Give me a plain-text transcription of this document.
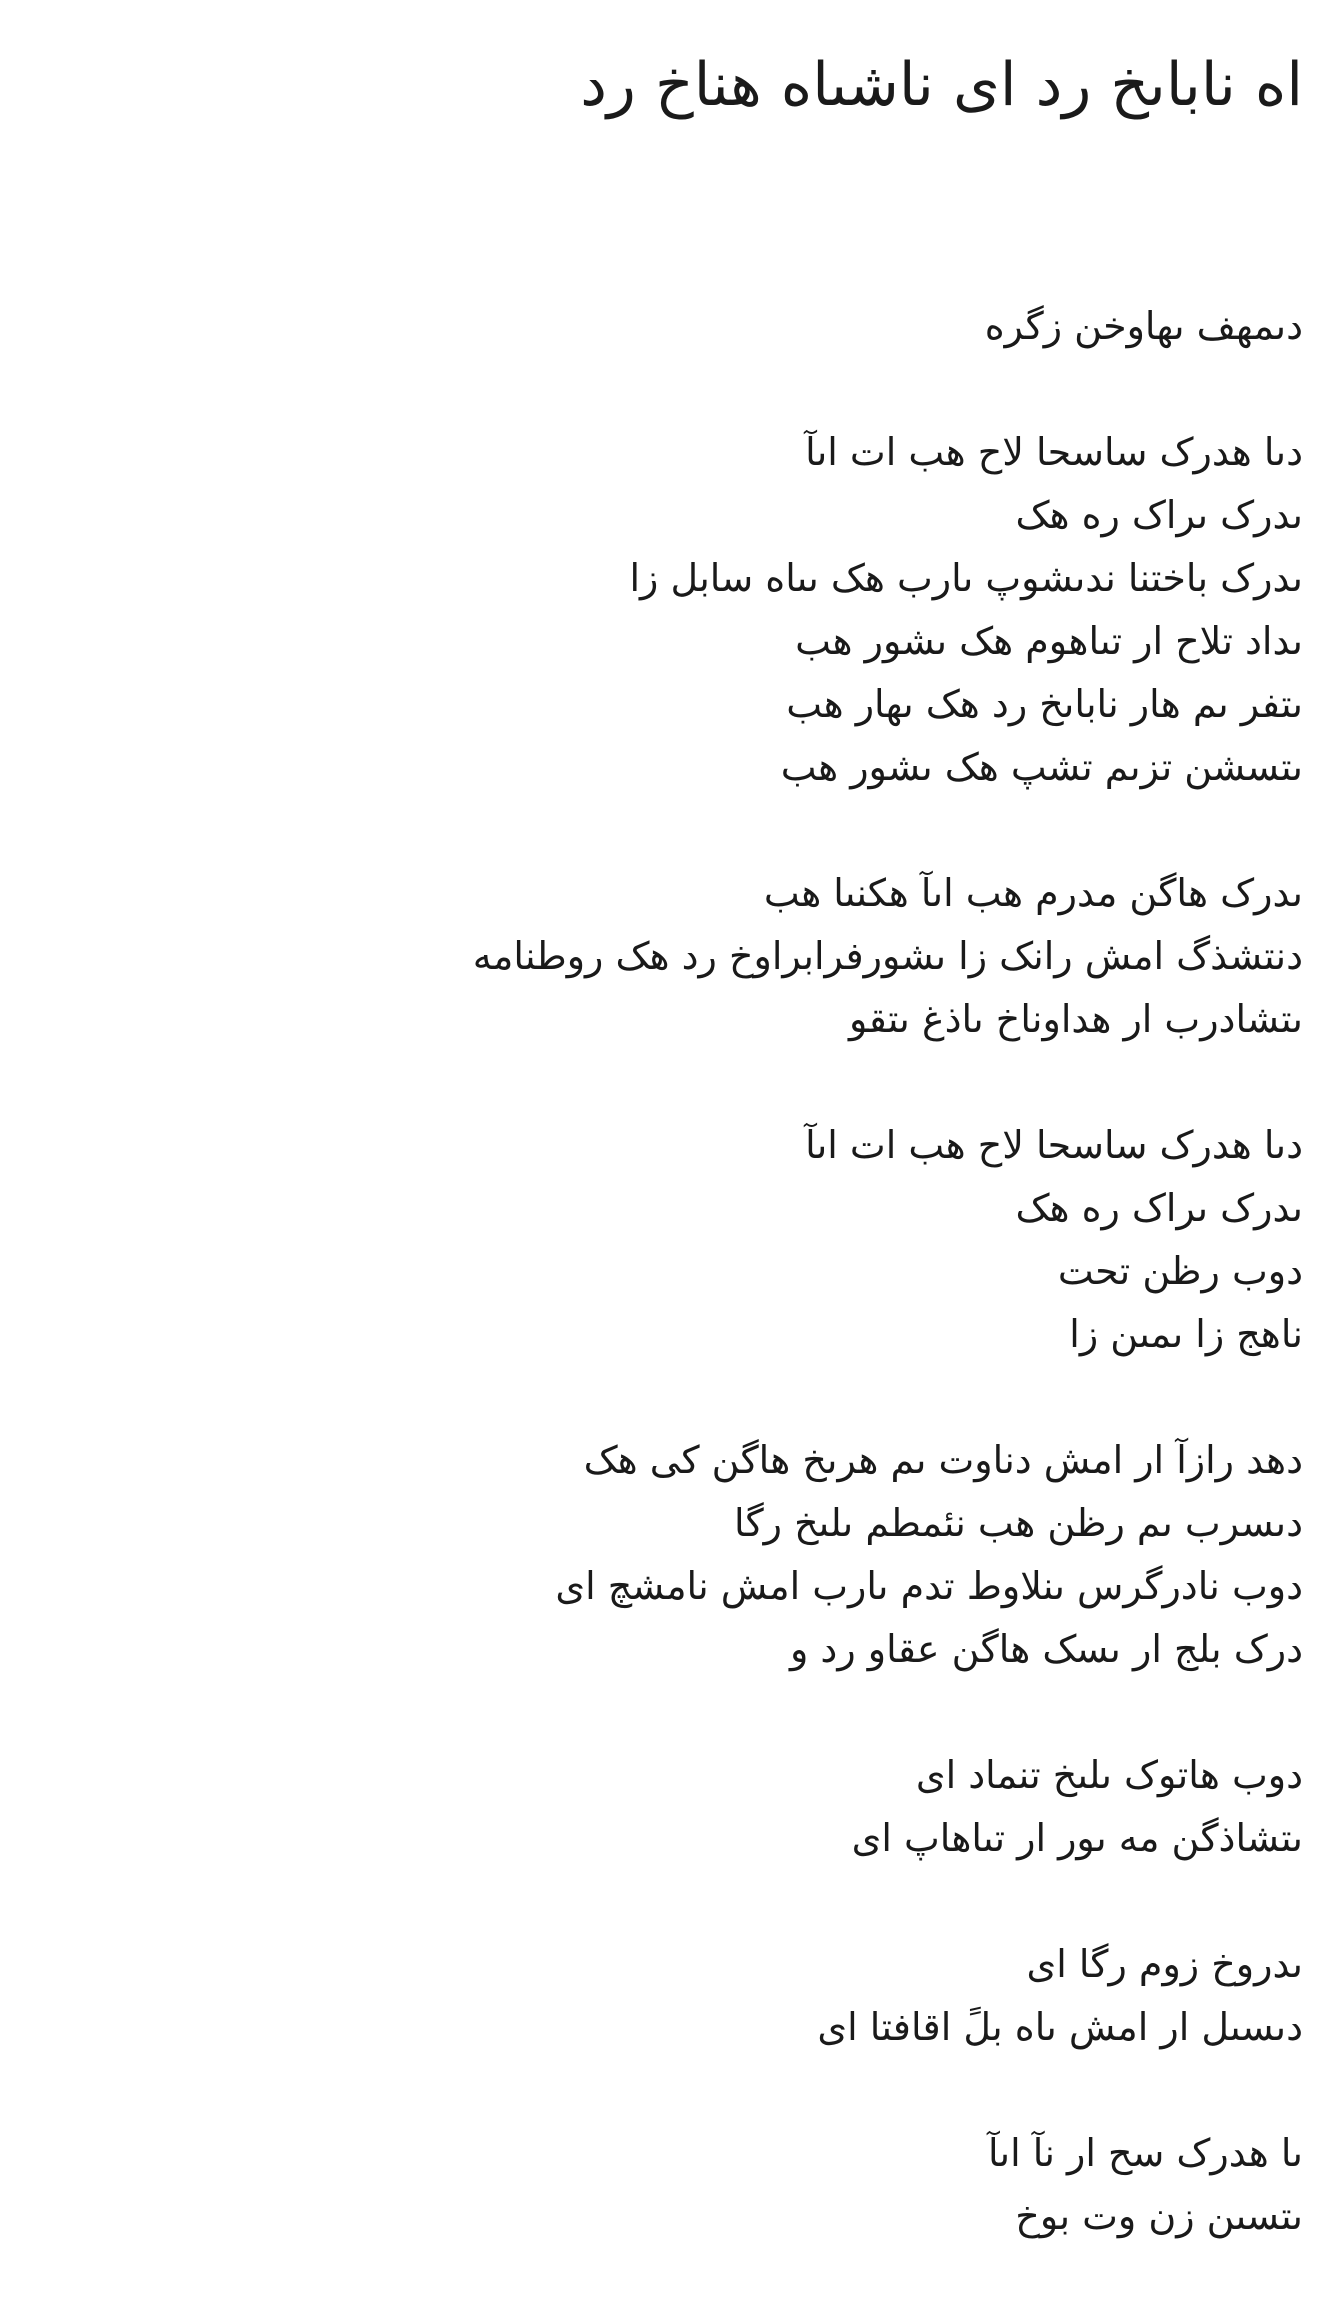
اه ناباىخ رد اى ناشىاه هناخ رد
دىمهف ىهاوخن زگره
دىا هدرک ساسحا لاح هب ات اىآ
ىدرک ىراک ره هک
ىدرک باختنا ندىشوپ ىارب هک ىىاه سابل زا
ىداد تلاح ار تىاهوم هک ىشور هب
ىتفر ىم هار ناباىخ رد هک ىهار هب
ىتسشن تزىم تشپ هک ىشور هب
ىدرک هاگن مدرم هب اىآ هکنىا هب
دنتشذگ امش رانک زا ىشورفرابراوخ رد هک روطنامه
ىتشادرب ار هداوناخ ىاذغ ىتقو
دىا هدرک ساسحا لاح هب ات اىآ
ىدرک ىراک ره هک
دوب رظن تحت
ناهج زا ىمىن زا
دهد رازآ ار امش دناوت ىم هرىخ هاگن کى هک
دىسرب ىم رظن هب نئمطم ىلىخ رگا
دوب نادرگرس ىنلاوط تدم ىارب امش نامشچ اى
درک بلج ار ىسک هاگن عقاو رد و
دوب هاتوک ىلىخ تنماد اى
ىتشاذگن مه ىور ار تىاهاپ اى
ىدروخ زوم رگا اى
دىسىل ار امش ىاه بلً اقافتا اى
ىا هدرک سح ار نآ اىآ
ىتسىن زن وت بوخ
